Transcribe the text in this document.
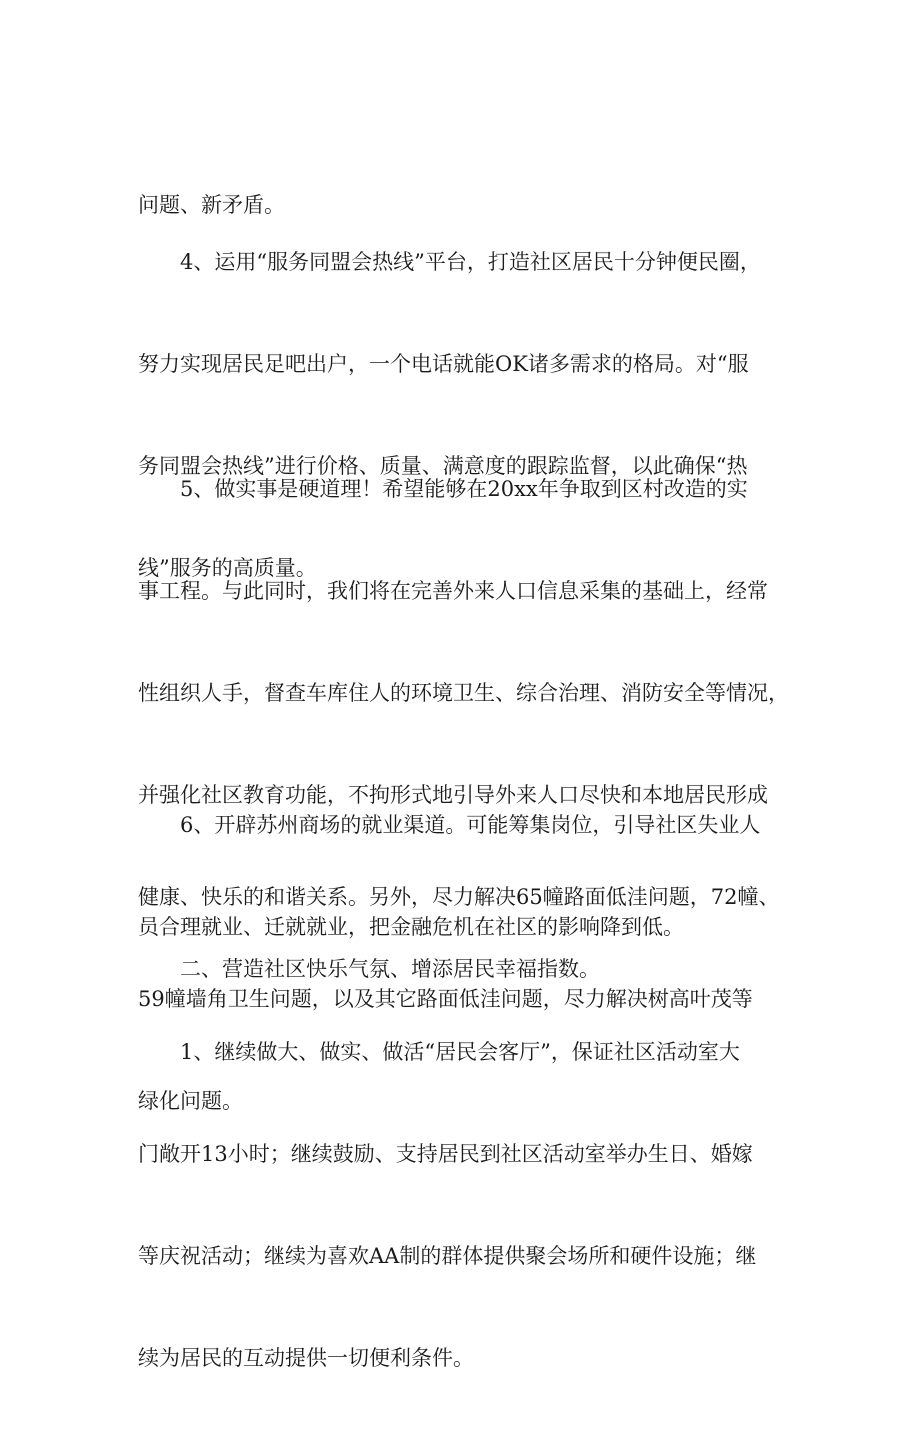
问题、新矛盾。

4、运用“服务同盟会热线”平台，打造社区居民十分钟便民圈，

努力实现居民足吧出户，一个电话就能OK诸多需求的格局。对“服

务同盟会热线”进行价格、质量、满意度的跟踪监督，以此确保“热

线”服务的高质量。

5、做实事是硬道理！希望能够在20xx年争取到区村改造的实

事工程。与此同时，我们将在完善外来人口信息采集的基础上，经常

性组织人手，督查车库住人的环境卫生、综合治理、消防安全等情况，

并强化社区教育功能，不拘形式地引导外来人口尽快和本地居民形成

健康、快乐的和谐关系。另外，尽力解决65幢路面低洼问题，72幢、

59幢墙角卫生问题，以及其它路面低洼问题，尽力解决树高叶茂等

绿化问题。

6、开辟苏州商场的就业渠道。可能筹集岗位，引导社区失业人

员合理就业、迁就就业，把金融危机在社区的影响降到低。

二、营造社区快乐气氛、增添居民幸福指数。

1、继续做大、做实、做活“居民会客厅”，保证社区活动室大

门敞开13小时；继续鼓励、支持居民到社区活动室举办生日、婚嫁

等庆祝活动；继续为喜欢AA制的群体提供聚会场所和硬件设施；继

续为居民的互动提供一切便利条件。
